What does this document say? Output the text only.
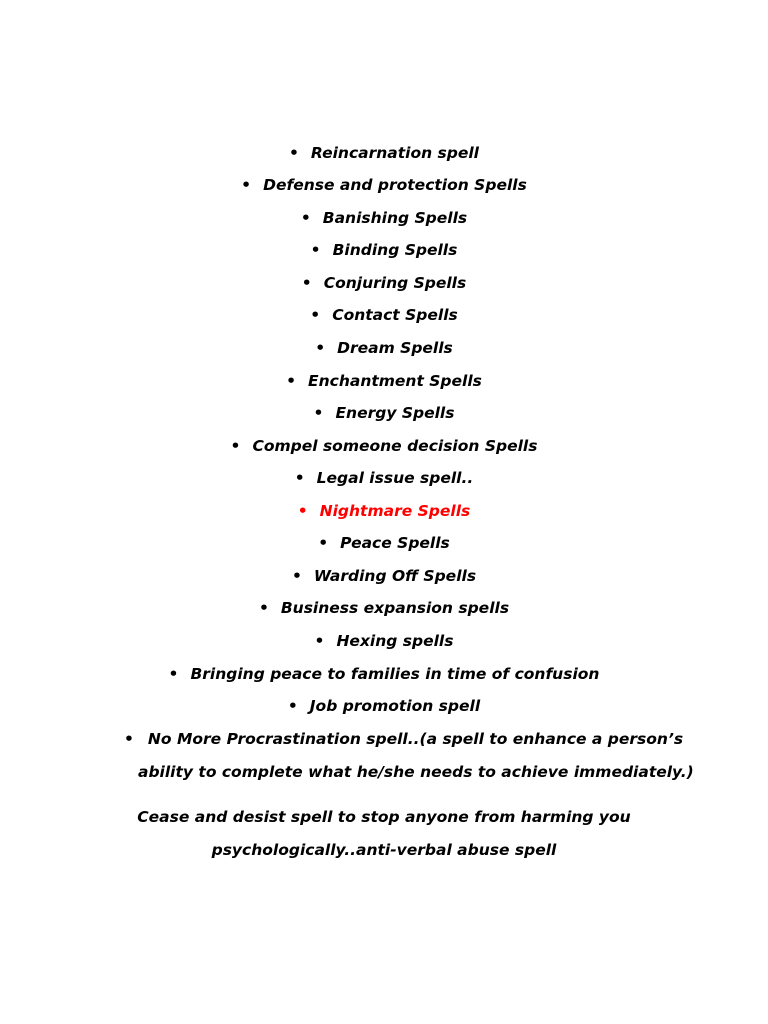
• Reincarnation spell
• Defense and protection Spells
• Banishing Spells
• Binding Spells
• Conjuring Spells
• Contact Spells
• Dream Spells
• Enchantment Spells
• Energy Spells
• Compel someone decision Spells
• Legal issue spell..
• Nightmare Spells
• Peace Spells
• Warding Off Spells
• Business expansion spells
• Hexing spells
• Bringing peace to families in time of confusion
• Job promotion spell
• No More Procrastination spell..(a spell to enhance a person’s
ability to complete what he/she needs to achieve immediately.)
Cease and desist spell to stop anyone from harming you
psychologically..anti-verbal abuse spell
